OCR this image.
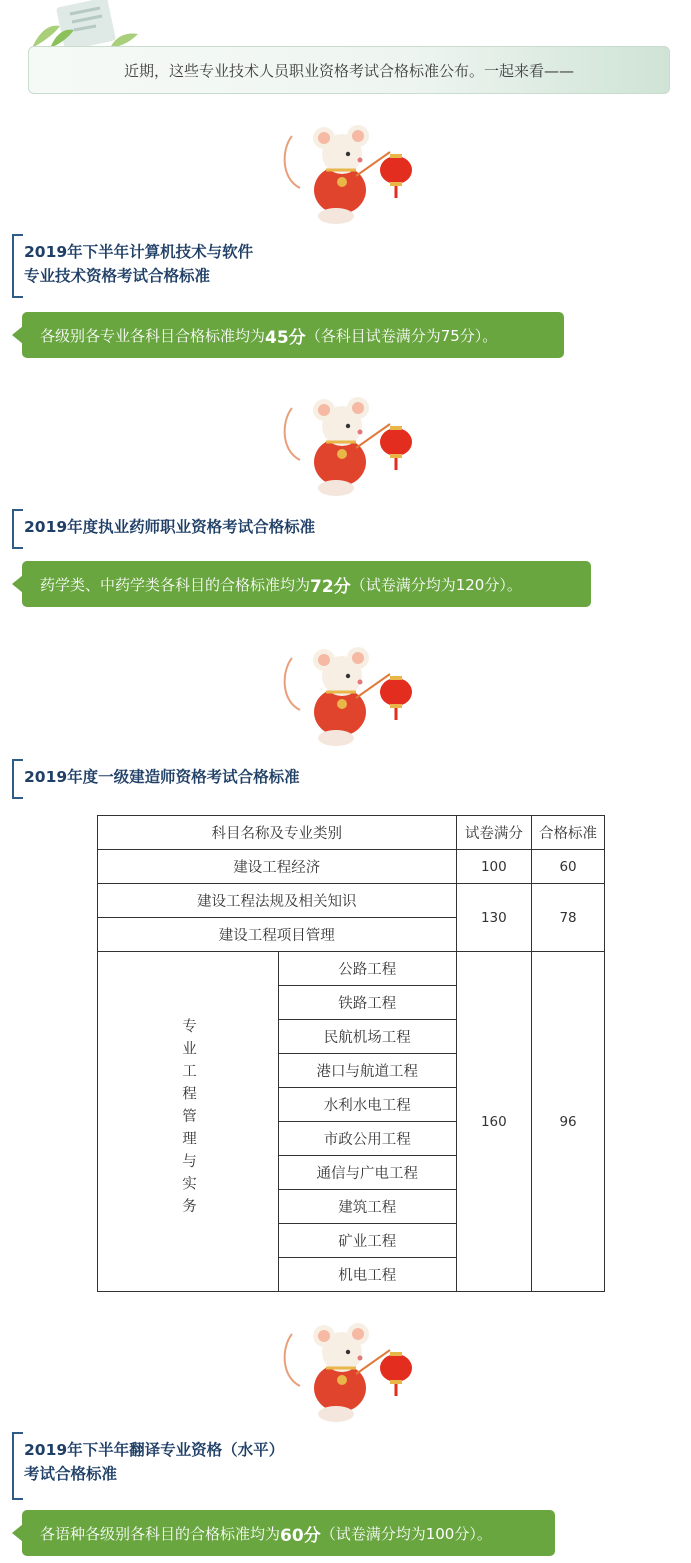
近期，这些专业技术人员职业资格考试合格标准公布。一起来看——
2019年下半年计算机技术与软件
专业技术资格考试合格标准
各级别各专业各科目合格标准均为 45分 （各科目试卷满分为75分）。
2019年度执业药师职业资格考试合格标准
药学类、中药学类各科目的合格标准均为 72分 （试卷满分均为120分）。
2019年度一级建造师资格考试合格标准
科目名称及专业类别		试卷满分	合格标准
建设工程经济		100	60
建设工程法规及相关知识		130	78
建设工程项目管理			
专业工程管理与实务	公路工程	160	96
	铁路工程		
	民航机场工程		
	港口与航道工程		
	水利水电工程		
	市政公用工程		
	通信与广电工程		
	建筑工程		
	矿业工程		
	机电工程		
2019年下半年翻译专业资格（水平）
考试合格标准
各语种各级别各科目的合格标准均为 60分 （试卷满分均为100分）。
